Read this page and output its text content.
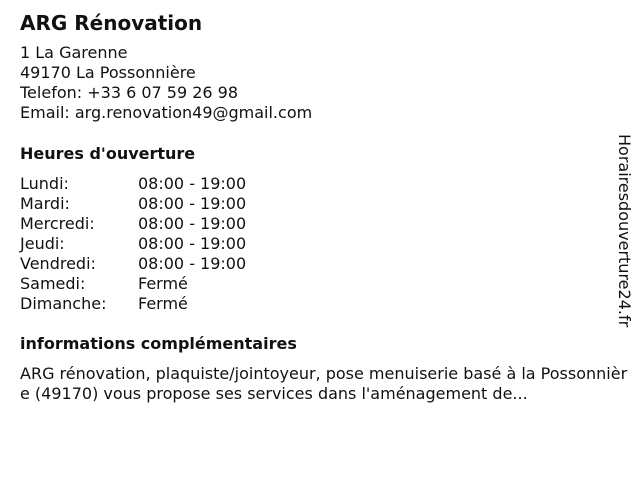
ARG Rénovation
1 La Garenne
49170 La Possonnière
Telefon: +33 6 07 59 26 98
Email: arg.renovation49@gmail.com
Heures d'ouverture
Lundi:	08:00 - 19:00
Mardi:	08:00 - 19:00
Mercredi:	08:00 - 19:00
Jeudi:	08:00 - 19:00
Vendredi:	08:00 - 19:00
Samedi:	Fermé
Dimanche: Fermé
informations complémentaires
ARG rénovation, plaquiste/jointoyeur, pose menuiserie basé à la Possonnière (49170) vous propose ses services dans l'aménagement de...
Horairesdouverture24.fr
